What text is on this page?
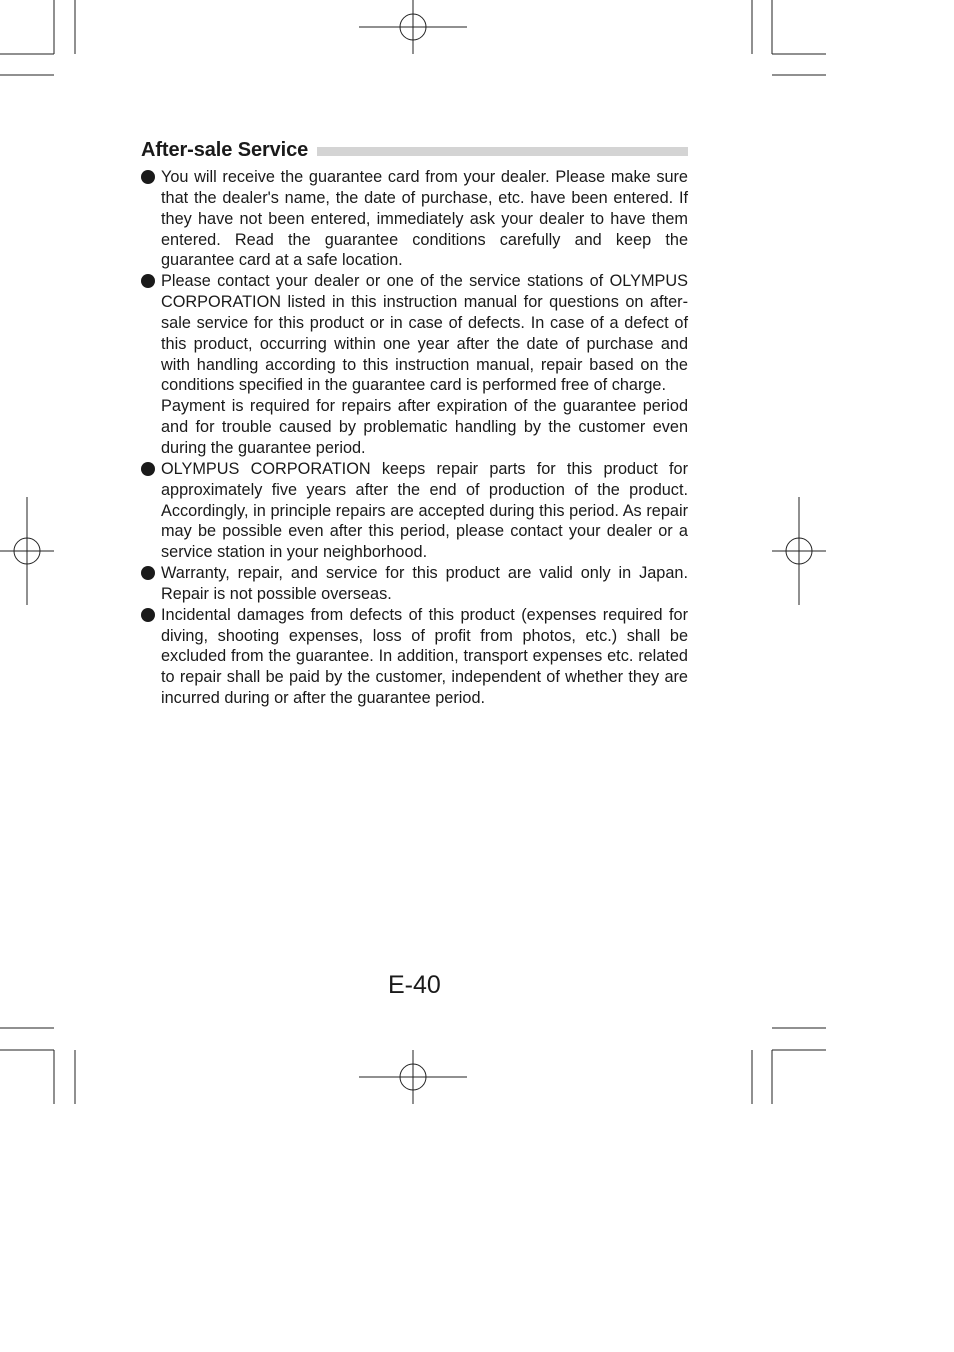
After-sale Service

You will receive the guarantee card from your dealer. Please make sure that the dealer's name, the date of purchase, etc. have been entered. If they have not been entered, immediately ask your dealer to have them entered. Read the guarantee conditions carefully and keep the guarantee card at a safe location.

Please contact your dealer or one of the service stations of OLYMPUS CORPORATION listed in this instruction manual for questions on after-sale service for this product or in case of defects. In case of a defect of this product, occurring within one year after the date of purchase and with handling according to this instruction manual, repair based on the conditions specified in the guarantee card is performed free of charge.

Payment is required for repairs after expiration of the guarantee period and for trouble caused by problematic handling by the customer even during the guarantee period.

OLYMPUS CORPORATION keeps repair parts for this product for approximately five years after the end of production of the product. Accordingly, in principle repairs are accepted during this period. As repair may be possible even after this period, please contact your dealer or a service station in your neighborhood.

Warranty, repair, and service for this product are valid only in Japan. Repair is not possible overseas.

Incidental damages from defects of this product (expenses required for diving, shooting expenses, loss of profit from photos, etc.) shall be excluded from the guarantee. In addition, transport expenses etc. related to repair shall be paid by the customer, independent of whether they are incurred during or after the guarantee period.

E-40
